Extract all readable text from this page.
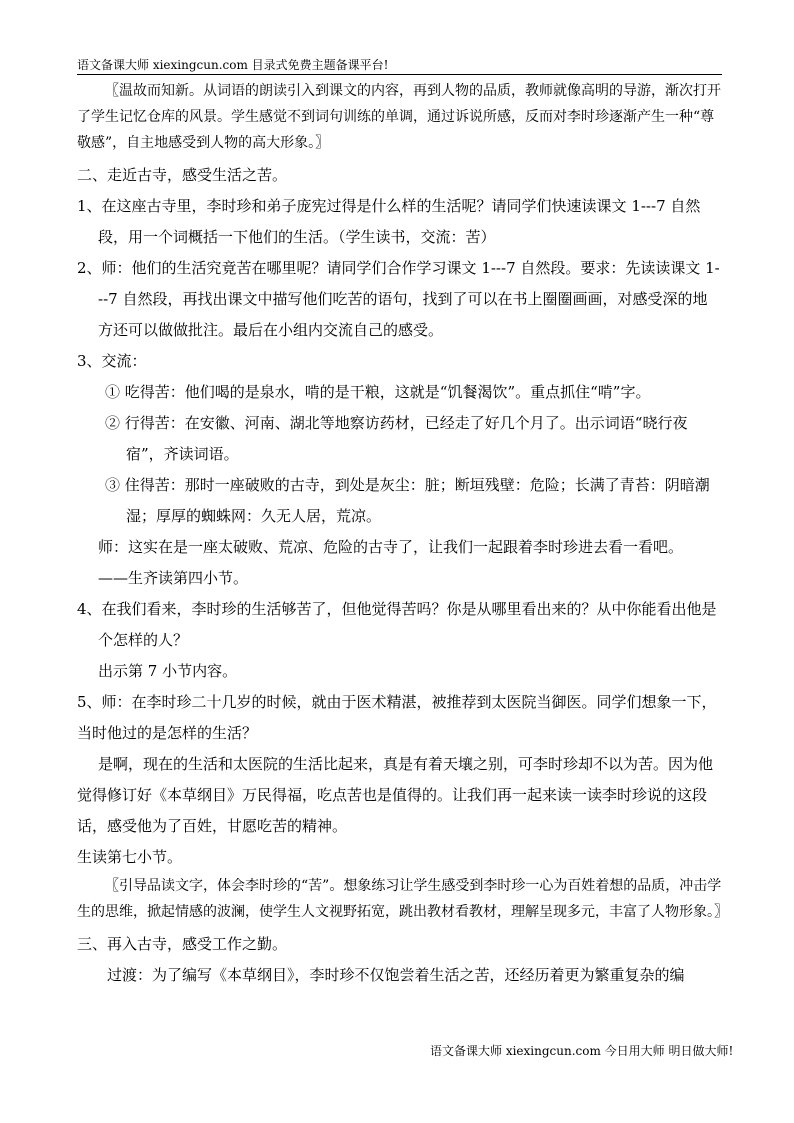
语文备课大师 xiexingcun.com 目录式免费主题备课平台!

〖温故而知新。从词语的朗读引入到课文的内容，再到人物的品质，教师就像高明的导游，渐次打开了学生记忆仓库的风景。学生感觉不到词句训练的单调，通过诉说所感，反而对李时珍逐渐产生一种“尊敬感”，自主地感受到人物的高大形象。〗

二、走近古寺，感受生活之苦。

1、在这座古寺里，李时珍和弟子庞宪过得是什么样的生活呢？请同学们快速读课文 1---7 自然段，用一个词概括一下他们的生活。（学生读书，交流：苦）

2、师：他们的生活究竟苦在哪里呢？请同学们合作学习课文 1---7 自然段。要求：先读读课文 1---7 自然段，再找出课文中描写他们吃苦的语句，找到了可以在书上圈圈画画，对感受深的地方还可以做做批注。最后在小组内交流自己的感受。

3、交流：

① 吃得苦：他们喝的是泉水，啃的是干粮，这就是“饥餐渴饮”。重点抓住“啃”字。

② 行得苦：在安徽、河南、湖北等地察访药材，已经走了好几个月了。出示词语“晓行夜宿”，齐读词语。

③ 住得苦：那时一座破败的古寺，到处是灰尘：脏；断垣残壁：危险；长满了青苔：阴暗潮湿；厚厚的蜘蛛网：久无人居，荒凉。

师：这实在是一座太破败、荒凉、危险的古寺了，让我们一起跟着李时珍进去看一看吧。

——生齐读第四小节。

4、在我们看来，李时珍的生活够苦了，但他觉得苦吗？你是从哪里看出来的？从中你能看出他是个怎样的人？

出示第 7 小节内容。

5、师：在李时珍二十几岁的时候，就由于医术精湛，被推荐到太医院当御医。同学们想象一下，当时他过的是怎样的生活？

是啊，现在的生活和太医院的生活比起来，真是有着天壤之别，可李时珍却不以为苦。因为他觉得修订好《本草纲目》万民得福，吃点苦也是值得的。让我们再一起来读一读李时珍说的这段话，感受他为了百姓，甘愿吃苦的精神。

生读第七小节。

〖引导品读文字，体会李时珍的“苦”。想象练习让学生感受到李时珍一心为百姓着想的品质，冲击学生的思维，掀起情感的波澜，使学生人文视野拓宽，跳出教材看教材，理解呈现多元，丰富了人物形象。〗

三、再入古寺，感受工作之勤。

过渡：为了编写《本草纲目》，李时珍不仅饱尝着生活之苦，还经历着更为繁重复杂的编

语文备课大师 xiexingcun.com 今日用大师 明日做大师!
